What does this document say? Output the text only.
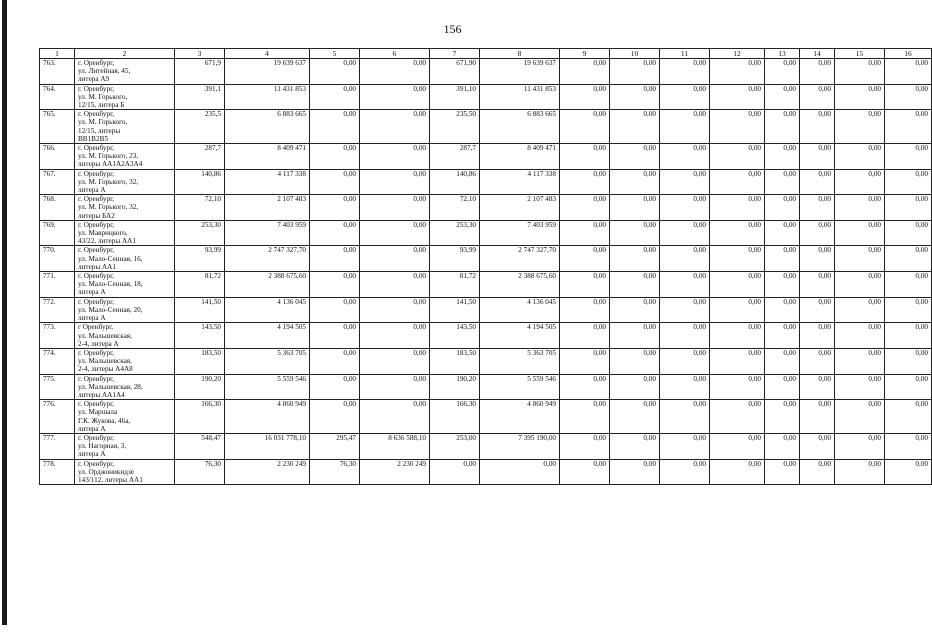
156
1	2	3	4	5	6	7	8	9	10	11	12	13	14	15	16
763.	г. Оренбург,
ул. Литейная, 45,
литера А9	671,9	19 639 637	0,00	0,00	671,90	19 639 637	0,00	0,00	0,00	0,00	0,00	0,00	0,00	0,00
764.	г. Оренбург,
ул. М. Горького,
12/15, литера Б	391,1	11 431 853	0,00	0,00	391,10	11 431 853	0,00	0,00	0,00	0,00	0,00	0,00	0,00	0,00
765.	г. Оренбург,
ул. М. Горького,
12/15, литеры
ВВ1В2В5	235,5	6 883 665	0,00	0,00	235,50	6 883 665	0,00	0,00	0,00	0,00	0,00	0,00	0,00	0,00
766.	г. Оренбург,
ул. М. Горького, 23,
литеры АА1А2А3А4	287,7	8 409 471	0,00	0,00	287,7	8 409 471	0,00	0,00	0,00	0,00	0,00	0,00	0,00	0,00
767.	г. Оренбург,
ул. М. Горького, 32,
литера А	140,86	4 117 338	0,00	0,00	140,86	4 117 338	0,00	0,00	0,00	0,00	0,00	0,00	0,00	0,00
768.	г. Оренбург,
ул. М. Горького, 32,
литеры БА2	72,10	2 107 483	0,00	0,00	72,10	2 107 483	0,00	0,00	0,00	0,00	0,00	0,00	0,00	0,00
769.	г. Оренбург,
ул. Маврицкого,
43/22, литеры АА1	253,30	7 403 959	0,00	0,00	253,30	7 403 959	0,00	0,00	0,00	0,00	0,00	0,00	0,00	0,00
770.	г. Оренбург,
ул. Мало-Сенная, 16,
литеры АА1	93,99	2 747 327,70	0,00	0,00	93,99	2 747 327,70	0,00	0,00	0,00	0,00	0,00	0,00	0,00	0,00
771.	г. Оренбург,
ул. Мало-Сенная, 18,
литера А	81,72	2 388 675,60	0,00	0,00	81,72	2 388 675,60	0,00	0,00	0,00	0,00	0,00	0,00	0,00	0,00
772.	г. Оренбург,
ул. Мало-Сенная, 20,
литера А	141,50	4 136 045	0,00	0,00	141,50	4 136 045	0,00	0,00	0,00	0,00	0,00	0,00	0,00	0,00
773.	г Оренбург,
ул. Мальшевская,
2-4, литера А	143,50	4 194 505	0,00	0,00	143,50	4 194 505	0,00	0,00	0,00	0,00	0,00	0,00	0,00	0,00
774.	г. Оренбург,
ул. Мальшевская,
2-4, литеры А4А8	183,50	5 363 705	0,00	0,00	183,50	5 363 705	0,00	0,00	0,00	0,00	0,00	0,00	0,00	0,00
775.	г. Оренбург,
ул. Мальшевская, 28,
литеры АА1А4	190,20	5 559 546	0,00	0,00	190,20	5 559 546	0,00	0,00	0,00	0,00	0,00	0,00	0,00	0,00
776.	г. Оренбург,
ул. Маршала
Г.К. Жукова, 46а,
литера А	166,30	4 860 949	0,00	0,00	166,30	4 860 949	0,00	0,00	0,00	0,00	0,00	0,00	0,00	0,00
777.	г. Оренбург,
ул. Нагорная, 3,
литера А	548,47	16 031 778,10	295,47	8 636 588,10	253,00	7 395 190,00	0,00	0,00	0,00	0,00	0,00	0,00	0,00	0,00
778.	г. Оренбург,
ул. Орджоникидзе
143/112, литеры АА1	76,30	2 230 249	76,30	2 230 249	0,00	0,00	0,00	0,00	0,00	0,00	0,00	0,00	0,00	0,00
